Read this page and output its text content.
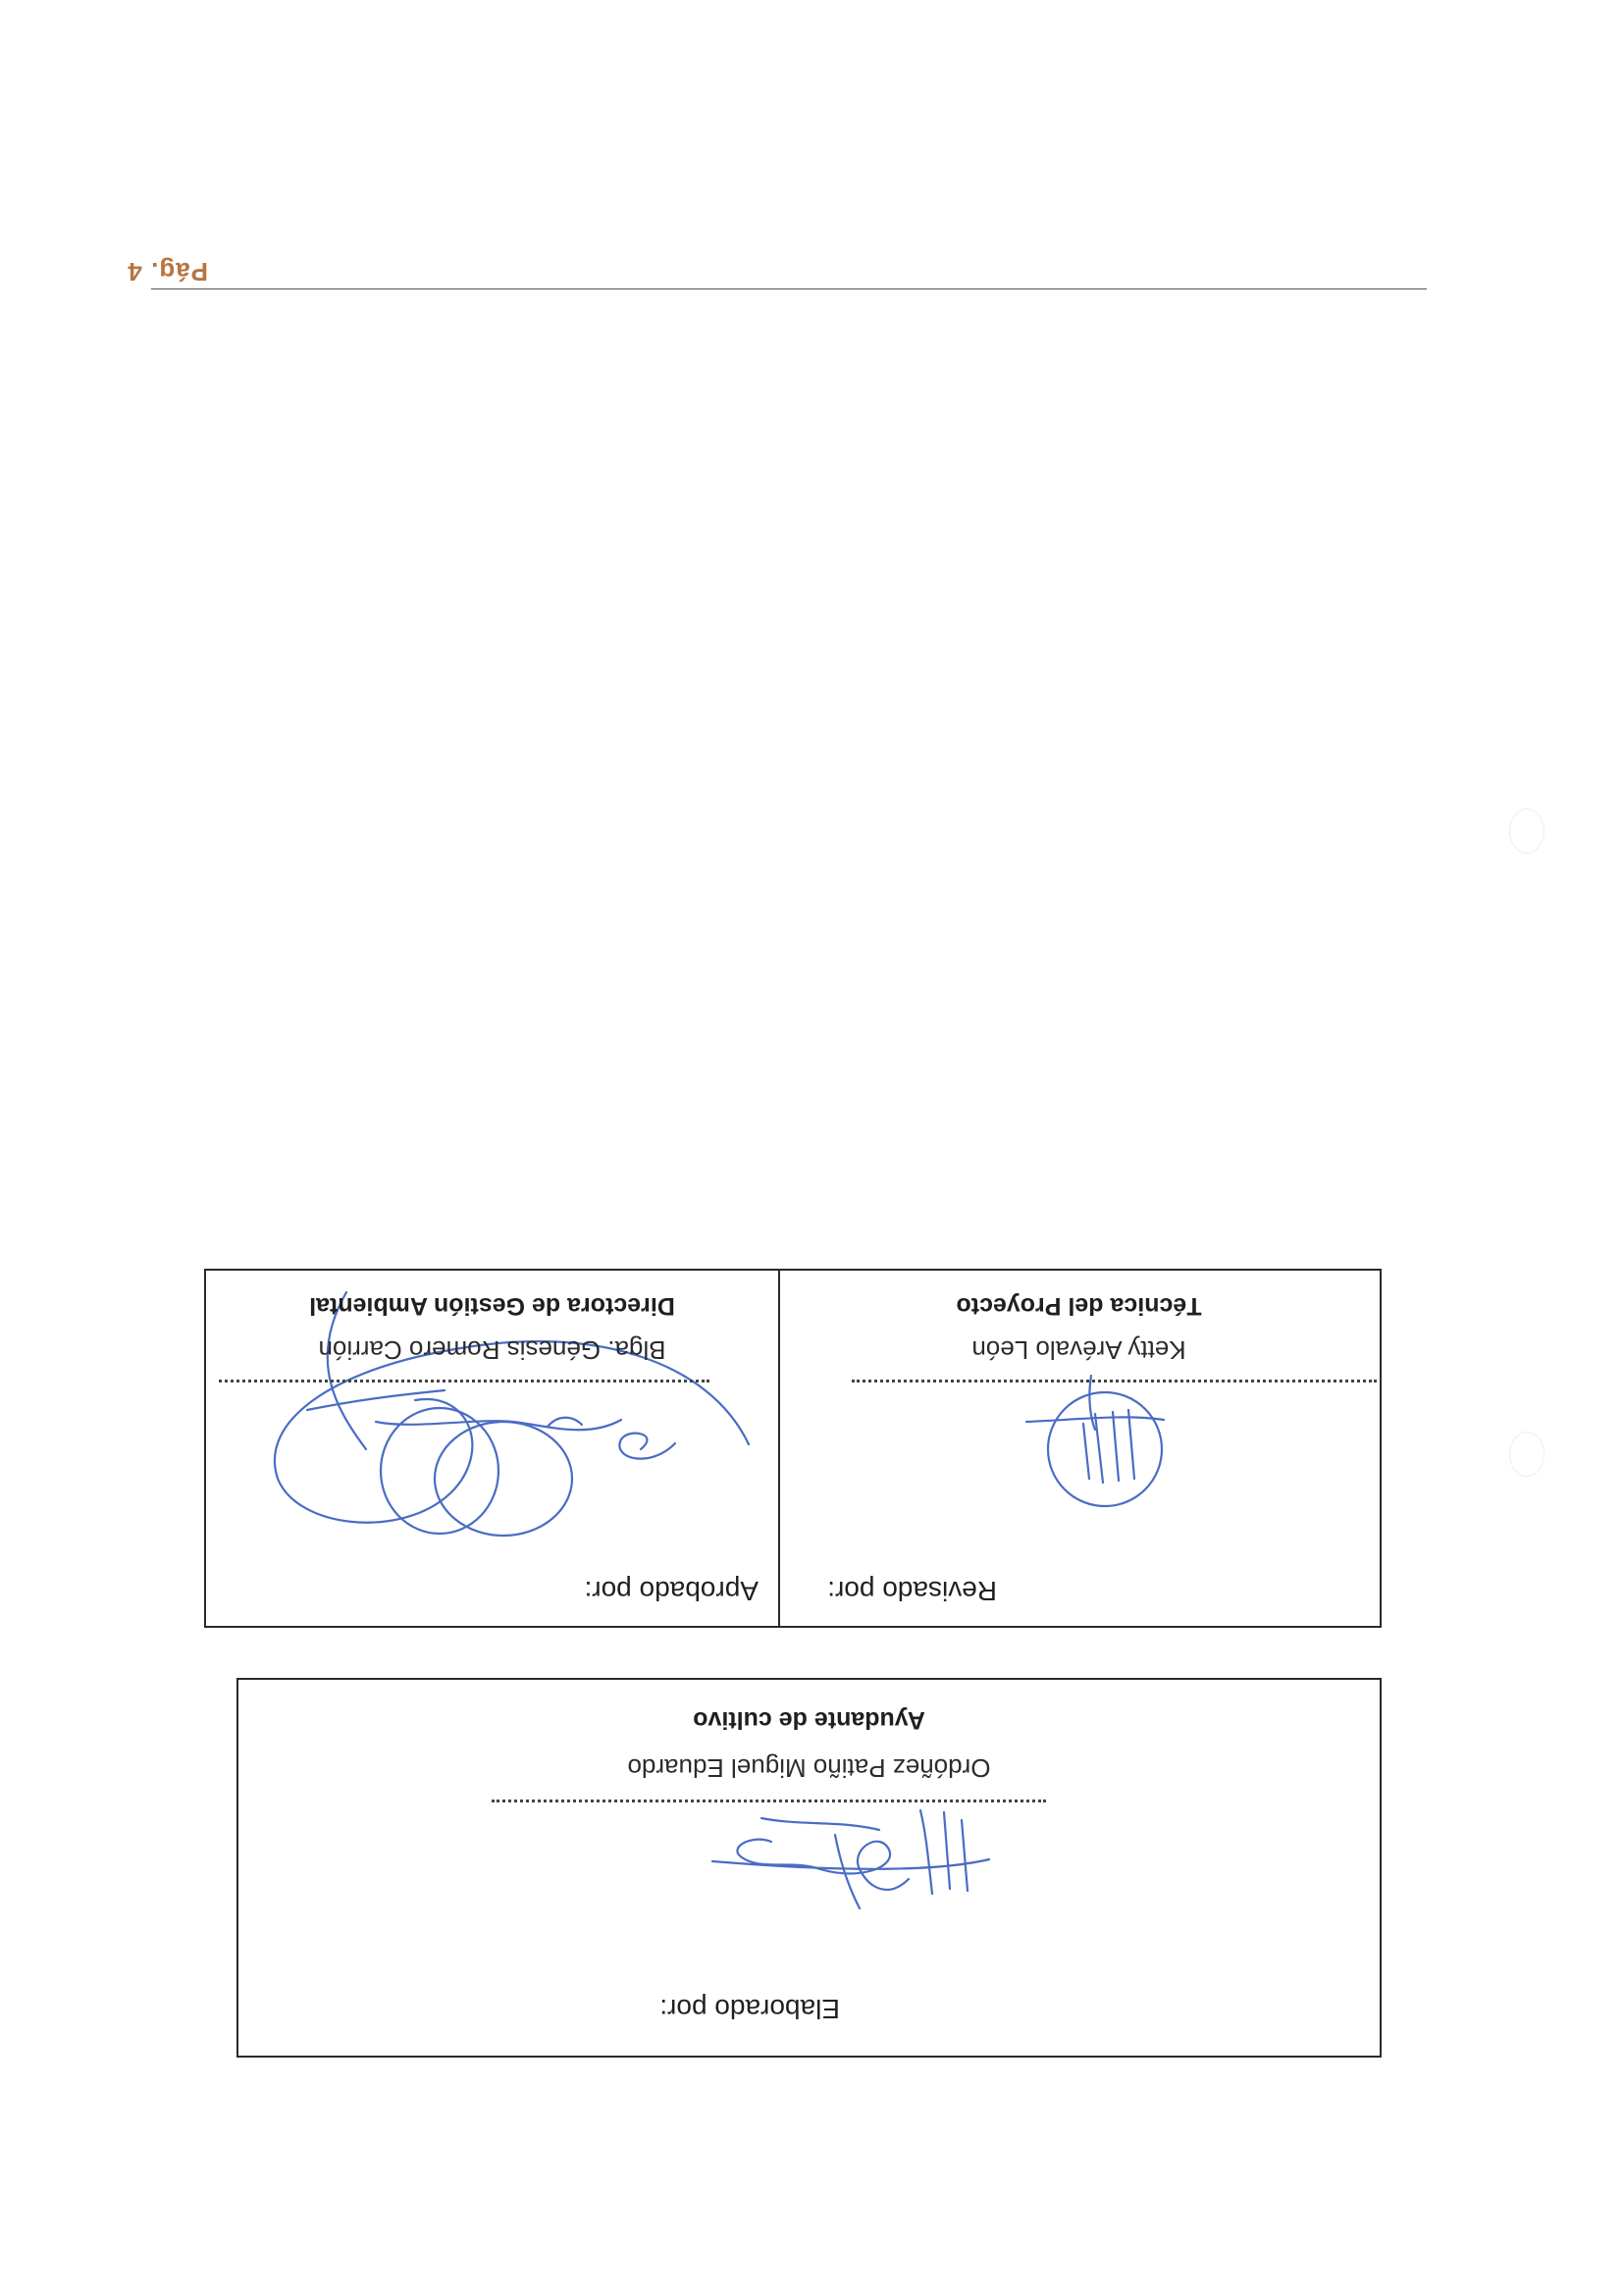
Pág. 4
Elaborado por:
Ordóñez Patiño Miguel Eduardo
Ayudante de cultivo
Revisado por:
Ketty Arévalo León
Técnica del Proyecto
Aprobado por:
Blga. Génesis Romero Carrión
Directora de Gestión Ambiental
